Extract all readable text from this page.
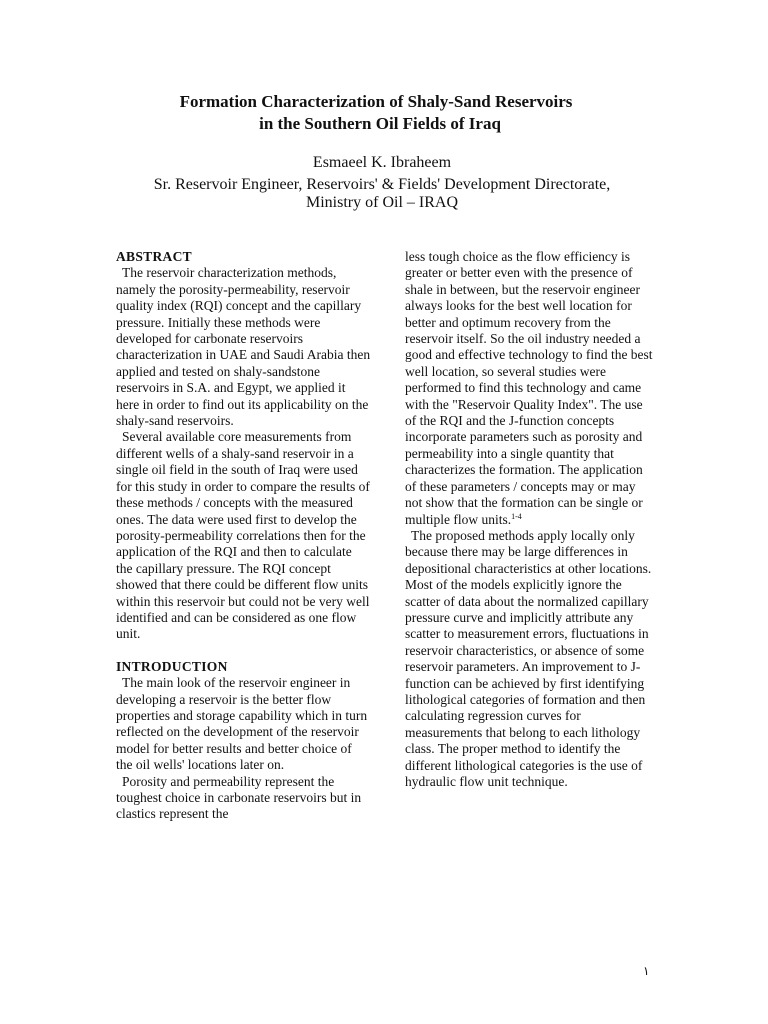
Formation Characterization of Shaly-Sand Reservoirs
in the Southern Oil Fields of Iraq
Esmaeel K. Ibraheem
Sr. Reservoir Engineer, Reservoirs' & Fields' Development Directorate,
Ministry of Oil – IRAQ
ABSTRACT

The reservoir characterization methods, namely the porosity-permeability, reservoir quality index (RQI) concept and the capillary pressure. Initially these methods were developed for carbonate reservoirs characterization in UAE and Saudi Arabia then applied and tested on shaly-sandstone reservoirs in S.A. and Egypt, we applied it here in order to find out its applicability on the shaly-sand reservoirs.

Several available core measurements from different wells of a shaly-sand reservoir in a single oil field in the south of Iraq were used for this study in order to compare the results of these methods / concepts with the measured ones. The data were used first to develop the porosity-permeability correlations then for the application of the RQI and then to calculate the capillary pressure. The RQI concept showed that there could be different flow units within this reservoir but could not be very well identified and can be considered as one flow unit.

INTRODUCTION

The main look of the reservoir engineer in developing a reservoir is the better flow properties and storage capability which in turn reflected on the development of the reservoir model for better results and better choice of the oil wells' locations later on.

Porosity and permeability represent the toughest choice in carbonate reservoirs but in clastics represent the

less tough choice as the flow efficiency is greater or better even with the presence of shale in between, but the reservoir engineer always looks for the best well location for better and optimum recovery from the reservoir itself. So the oil industry needed a good and effective technology to find the best well location, so several studies were performed to find this technology and came with the "Reservoir Quality Index". The use of the RQI and the J-function concepts incorporate parameters such as porosity and permeability into a single quantity that characterizes the formation. The application of these parameters / concepts may or may not show that the formation can be single or multiple flow units.$^{1-4}$

The proposed methods apply locally only because there may be large differences in depositional characteristics at other locations. Most of the models explicitly ignore the scatter of data about the normalized capillary pressure curve and implicitly attribute any scatter to measurement errors, fluctuations in reservoir characteristics, or absence of some reservoir parameters. An improvement to J-function can be achieved by first identifying lithological categories of formation and then calculating regression curves for measurements that belong to each lithology class. The proper method to identify the different lithological categories is the use of hydraulic flow unit technique.

١
